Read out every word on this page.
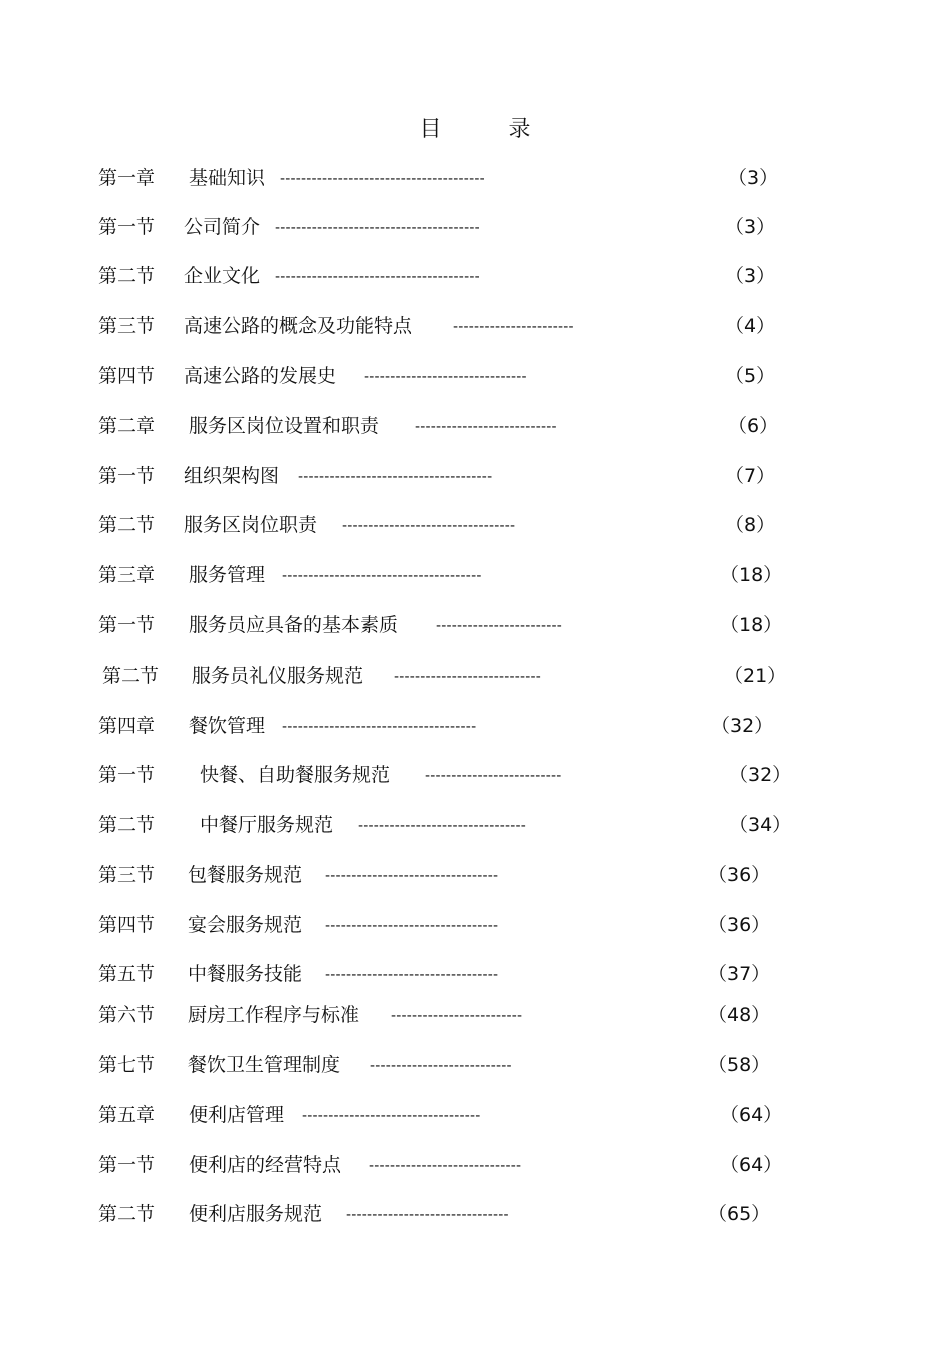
目 录
第一章 基础知识 ---------------------------------------	（3）
第一节 公司简介 ---------------------------------------	（3）
第二节 企业文化 ---------------------------------------	（3）
第三节 高速公路的概念及功能特点	-----------------------	（4）
第四节 高速公路的发展史 -------------------------------	（5）
第二章 服务区岗位设置和职责	---------------------------	（6）
第一节 组织架构图 -------------------------------------	（7）
第二节 服务区岗位职责 ---------------------------------	（8）
第三章 服务管理 --------------------------------------	（18）
第一节 服务员应具备的基本素质	------------------------	（18）
第二节 服务员礼仪服务规范 ----------------------------	（21）
第四章 餐饮管理 -------------------------------------	（32）
第一节 快餐、自助餐服务规范 --------------------------	（32）
第二节 中餐厅服务规范 --------------------------------	（34）
第三节 包餐服务规范 ---------------------------------	（36）
第四节 宴会服务规范 ---------------------------------	（36）
第五节 中餐服务技能 ---------------------------------	（37）
第六节 厨房工作程序与标准 -------------------------	（48）
第七节 餐饮卫生管理制度 ---------------------------	（58）
第五章 便利店管理 ----------------------------------	（64）
第一节 便利店的经营特点 -----------------------------	（64）
第二节 便利店服务规范 -------------------------------	（65）
